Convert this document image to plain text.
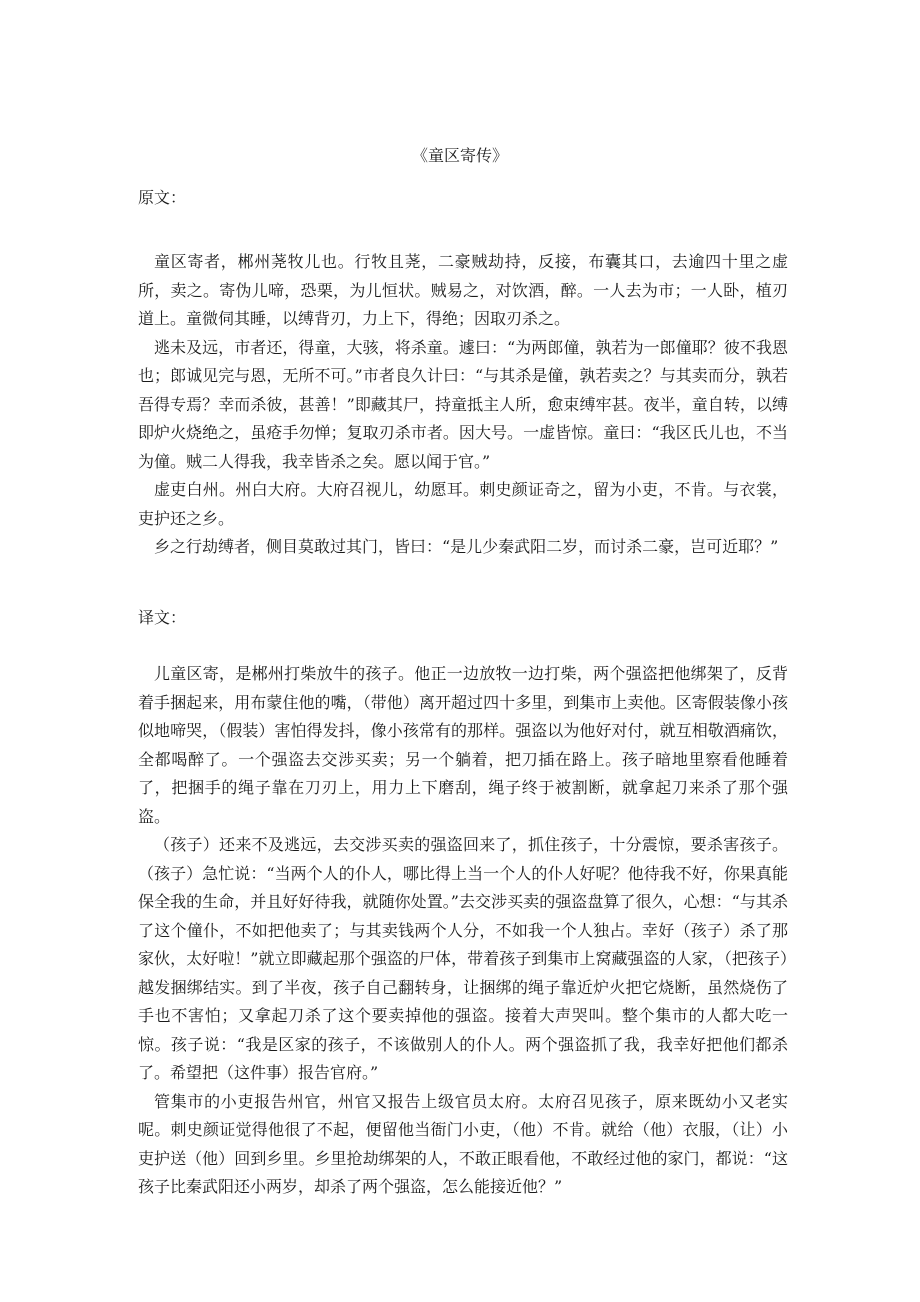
《童区寄传》
原文：

童区寄者，郴州荛牧儿也。行牧且荛，二豪贼劫持，反接，布囊其口，去逾四十里之虚所，卖之。寄伪儿啼，恐栗，为儿恒状。贼易之，对饮酒，醉。一人去为市；一人卧，植刃道上。童微伺其睡，以缚背刃，力上下，得绝；因取刃杀之。

逃未及远，市者还，得童，大骇，将杀童。遽曰：“为两郎僮，孰若为一郎僮耶？彼不我恩也；郎诚见完与恩，无所不可。”市者良久计曰：“与其杀是僮，孰若卖之？与其卖而分，孰若吾得专焉？幸而杀彼，甚善！”即藏其尸，持童抵主人所，愈束缚牢甚。夜半，童自转，以缚即炉火烧绝之，虽疮手勿惮；复取刃杀市者。因大号。一虚皆惊。童曰：“我区氏儿也，不当为僮。贼二人得我，我幸皆杀之矣。愿以闻于官。”

虚吏白州。州白大府。大府召视儿，幼愿耳。刺史颜证奇之，留为小吏，不肯。与衣裳，吏护还之乡。

乡之行劫缚者，侧目莫敢过其门，皆曰：“是儿少秦武阳二岁，而讨杀二豪，岂可近耶？”

译文：

儿童区寄，是郴州打柴放牛的孩子。他正一边放牧一边打柴，两个强盗把他绑架了，反背着手捆起来，用布蒙住他的嘴，（带他）离开超过四十多里，到集市上卖他。区寄假装像小孩似地啼哭，（假装）害怕得发抖，像小孩常有的那样。强盗以为他好对付，就互相敬酒痛饮，全都喝醉了。一个强盗去交涉买卖；另一个躺着，把刀插在路上。孩子暗地里察看他睡着了，把捆手的绳子靠在刀刃上，用力上下磨刮，绳子终于被割断，就拿起刀来杀了那个强盗。

（孩子）还来不及逃远，去交涉买卖的强盗回来了，抓住孩子，十分震惊，要杀害孩子。（孩子）急忙说：“当两个人的仆人，哪比得上当一个人的仆人好呢？他待我不好，你果真能保全我的生命，并且好好待我，就随你处置。”去交涉买卖的强盗盘算了很久，心想：“与其杀了这个僮仆，不如把他卖了；与其卖钱两个人分，不如我一个人独占。幸好（孩子）杀了那家伙，太好啦！”就立即藏起那个强盗的尸体，带着孩子到集市上窝藏强盗的人家，（把孩子）越发捆绑结实。到了半夜，孩子自己翻转身，让捆绑的绳子靠近炉火把它烧断，虽然烧伤了手也不害怕；又拿起刀杀了这个要卖掉他的强盗。接着大声哭叫。整个集市的人都大吃一惊。孩子说：“我是区家的孩子，不该做别人的仆人。两个强盗抓了我，我幸好把他们都杀了。希望把（这件事）报告官府。”

管集市的小吏报告州官，州官又报告上级官员太府。太府召见孩子，原来既幼小又老实呢。刺史颜证觉得他很了不起，便留他当衙门小吏，（他）不肯。就给（他）衣服，（让）小吏护送（他）回到乡里。乡里抢劫绑架的人，不敢正眼看他，不敢经过他的家门，都说：“这孩子比秦武阳还小两岁，却杀了两个强盗，怎么能接近他？”
